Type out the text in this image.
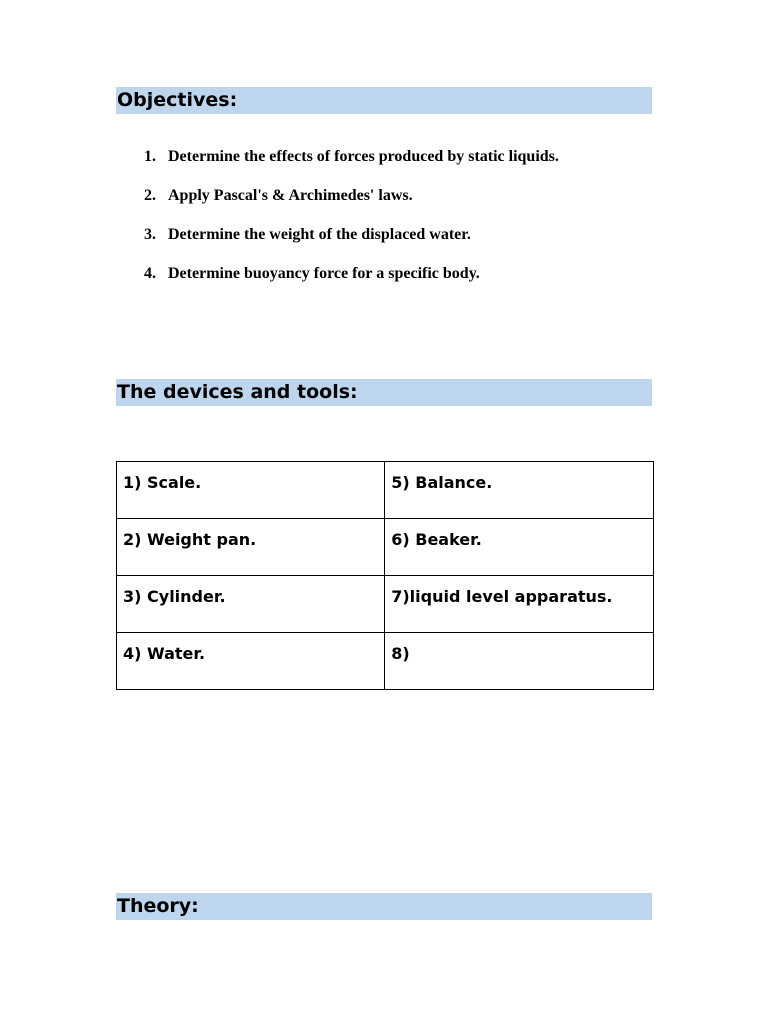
Objectives:
1. Determine the effects of forces produced by static liquids.
2. Apply Pascal's & Archimedes' laws.
3. Determine the weight of the displaced water.
4. Determine buoyancy force for a specific body.
The devices and tools:
1) Scale.	5) Balance.
2) Weight pan.	6) Beaker.
3) Cylinder.	7)liquid level apparatus.
4) Water.	8)
Theory:
